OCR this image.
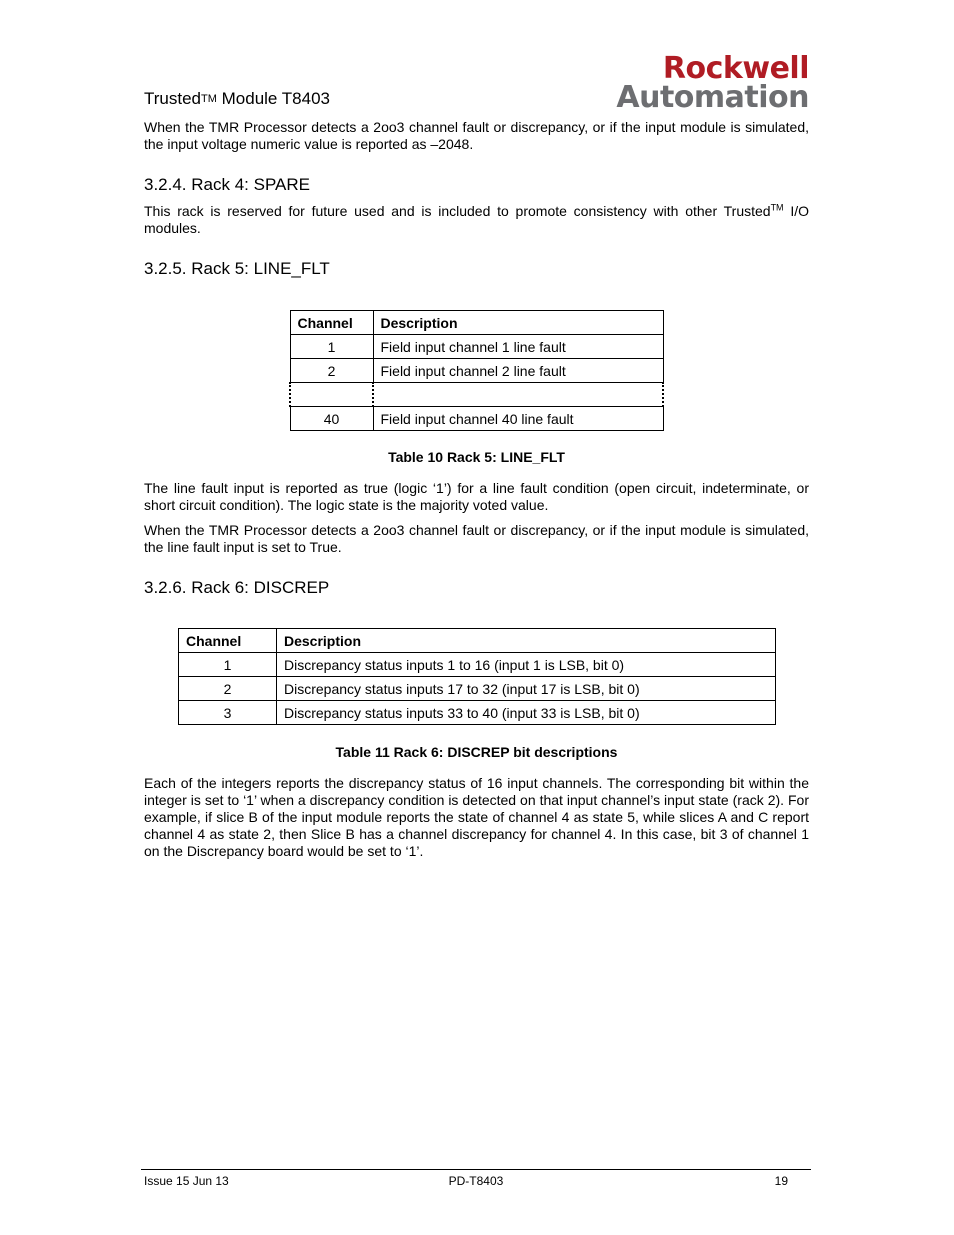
Rockwell
Automation
Trusted™ Module T8403
When the TMR Processor detects a 2oo3 channel fault or discrepancy, or if the input module is simulated, the input voltage numeric value is reported as –2048.
3.2.4. Rack 4: SPARE
This rack is reserved for future used and is included to promote consistency with other Trusted™ I/O modules.
3.2.5. Rack 5: LINE_FLT
Channel	Description
1	Field input channel 1 line fault
2	Field input channel 2 line fault

40	Field input channel 40 line fault
Table 10 Rack 5: LINE_FLT
The line fault input is reported as true (logic ‘1’) for a line fault condition (open circuit, indeterminate, or short circuit condition). The logic state is the majority voted value.
When the TMR Processor detects a 2oo3 channel fault or discrepancy, or if the input module is simulated, the line fault input is set to True.
3.2.6. Rack 6: DISCREP
Channel	Description
1	Discrepancy status inputs 1 to 16 (input 1 is LSB, bit 0)
2	Discrepancy status inputs 17 to 32 (input 17 is LSB, bit 0)
3	Discrepancy status inputs 33 to 40 (input 33 is LSB, bit 0)
Table 11 Rack 6: DISCREP bit descriptions
Each of the integers reports the discrepancy status of 16 input channels. The corresponding bit within the integer is set to ‘1’ when a discrepancy condition is detected on that input channel’s input state (rack 2). For example, if slice B of the input module reports the state of channel 4 as state 5, while slices A and C report channel 4 as state 2, then Slice B has a channel discrepancy for channel 4. In this case, bit 3 of channel 1 on the Discrepancy board would be set to ‘1’.
Issue 15 Jun 13	PD-T8403	19
